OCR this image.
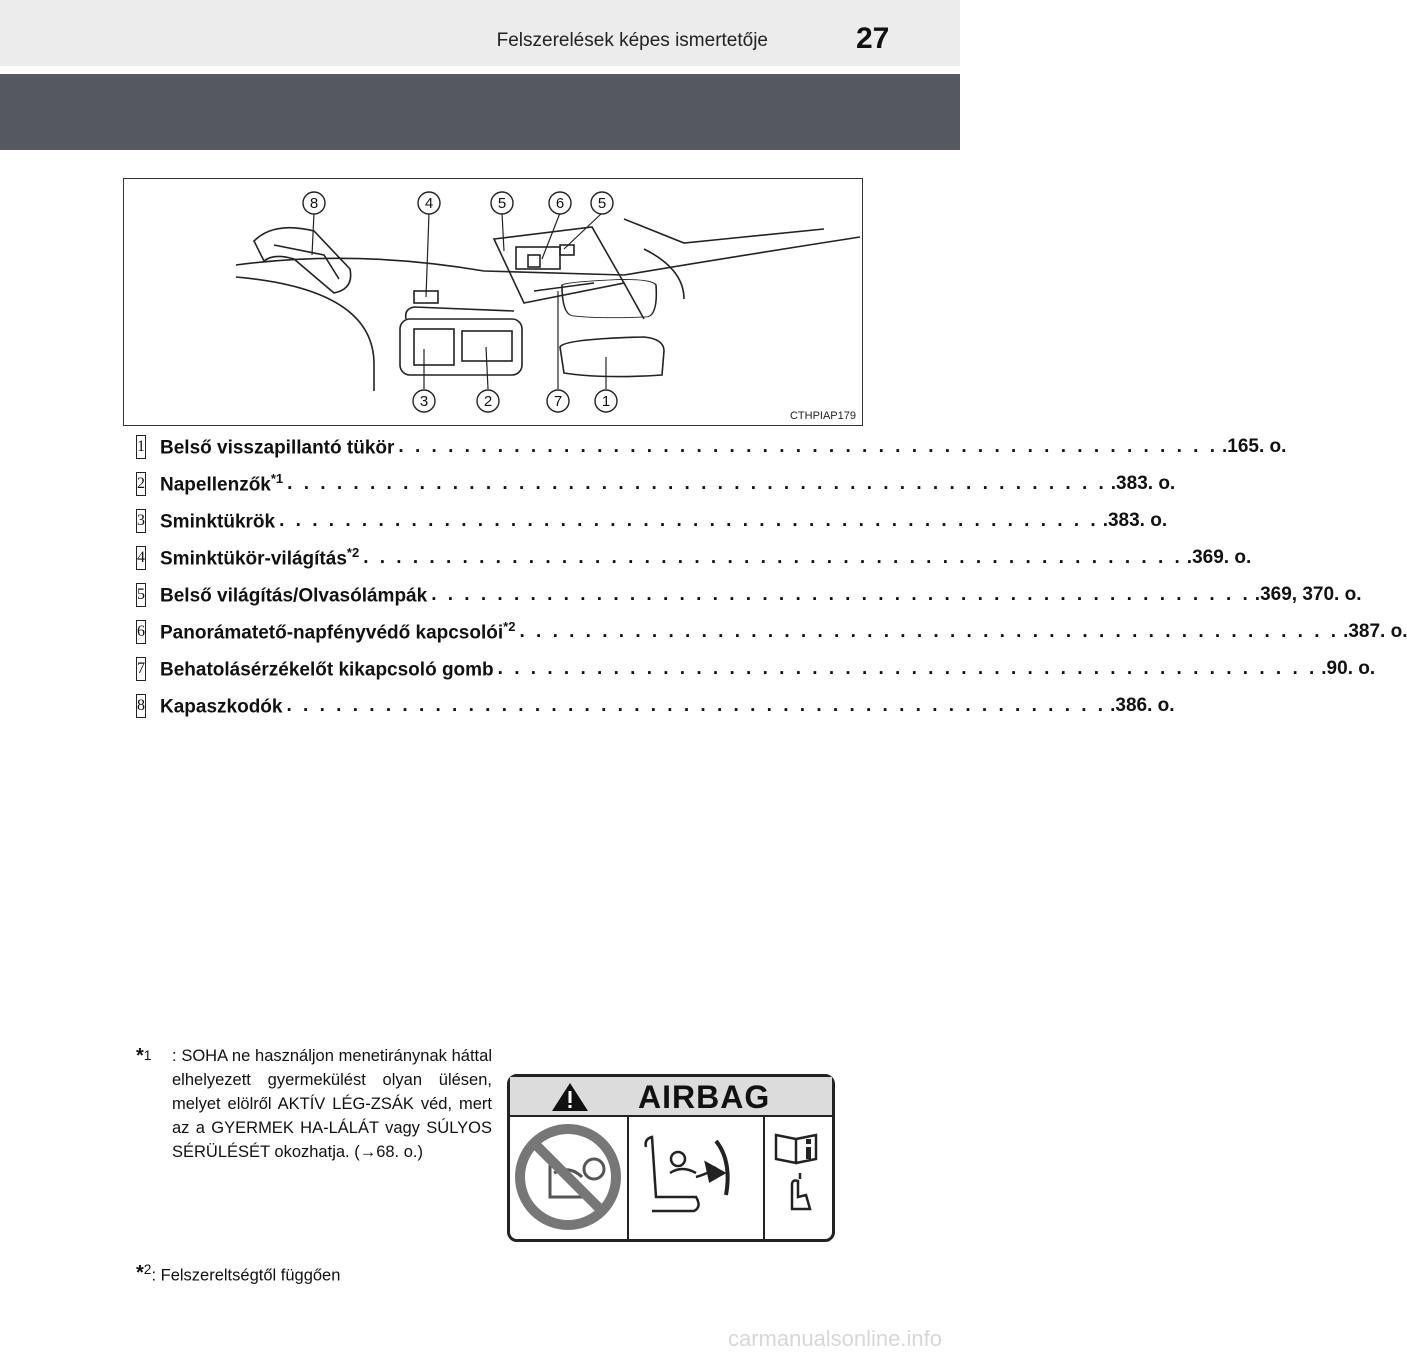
Felszerelések képes ismertetője	27
8	4	5	6 5
3	2	7	1
CTHPIAP179
1 Belső visszapillantó tükör . . . . . . . . . . . . . . . . . . . . . . . . . . . . . . . . . . . . . . . . . . . . . . . . . . .165. o.
2 Napellenzők$^{*1}$ . . . . . . . . . . . . . . . . . . . . . . . . . . . . . . . . . . . . . . . . . . . . . . . . . . .383. o.
3 Sminktükrök . . . . . . . . . . . . . . . . . . . . . . . . . . . . . . . . . . . . . . . . . . . . . . . . . . .383. o.
4 Sminktükör-világítás$^{*2}$ . . . . . . . . . . . . . . . . . . . . . . . . . . . . . . . . . . . . . . . . . . . . . . . . . . .369. o.
5 Belső világítás/Olvasólámpák . . . . . . . . . . . . . . . . . . . . . . . . . . . . . . . . . . . . . . . . . . . . . . . . . . .369, 370. o.
6 Panorámatető-napfényvédő kapcsolói$^{*2}$ . . . . . . . . . . . . . . . . . . . . . . . . . . . . . . . . . . . . . . . . . . . . . . . . . . .387. o.
7 Behatolásérzékelőt kikapcsoló gomb . . . . . . . . . . . . . . . . . . . . . . . . . . . . . . . . . . . . . . . . . . . . . . . . . . .90. o.
8 Kapaszkodók . . . . . . . . . . . . . . . . . . . . . . . . . . . . . . . . . . . . . . . . . . . . . . . . . . .386. o.
*$^1$ : SOHA ne használjon menetiránynak háttal elhelyezett gyermekülést olyan ülésen, melyet elölről AKTÍV LÉG-ZSÁK véd, mert az a GYERMEK HA-LÁLÁT vagy SÚLYOS SÉRÜLÉSÉT okozhatja. (→68. o.)
AIRBAG
*$^2$: Felszereltségtől függően
carmanualsonline.info
